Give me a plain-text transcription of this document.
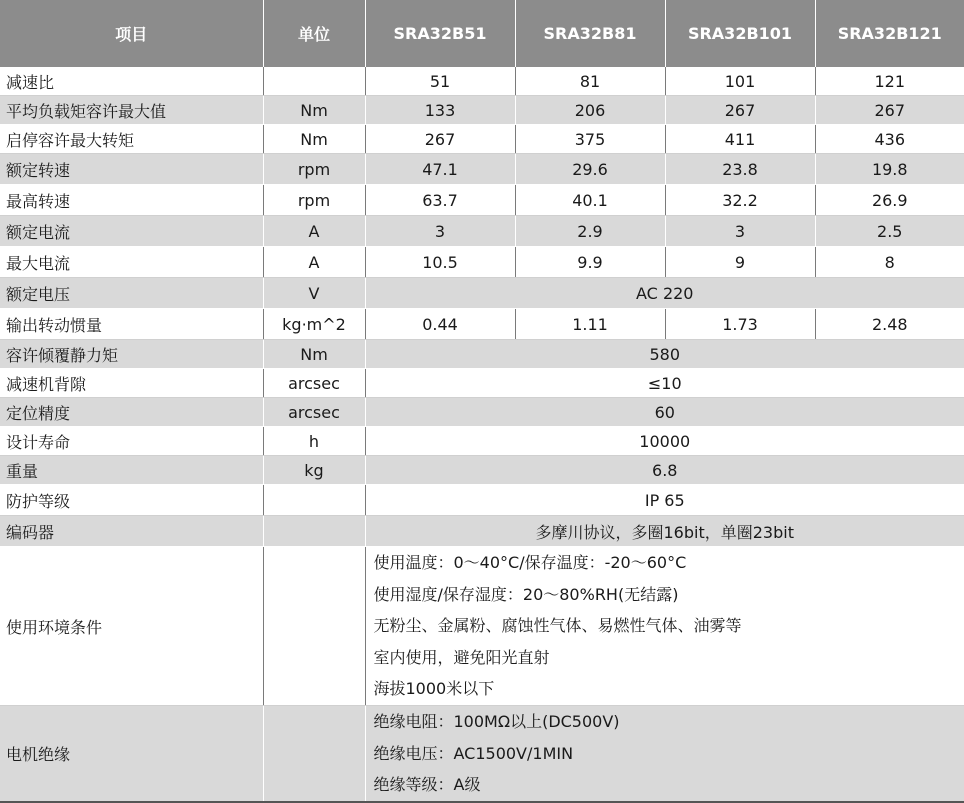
项目	单位	SRA32B51	SRA32B81	SRA32B101	SRA32B121
减速比		51	81	101	121
平均负载矩容许最大值	Nm	133	206	267	267
启停容许最大转矩	Nm	267	375	411	436
额定转速	rpm	47.1	29.6	23.8	19.8
最高转速	rpm	63.7	40.1	32.2	26.9
额定电流	A	3	2.9	3	2.5
最大电流	A	10.5	9.9	9	8
额定电压	V	AC 220			
输出转动惯量	kg·m^2	0.44	1.11	1.73	2.48
容许倾覆静力矩	Nm	580			
减速机背隙	arcsec	≤10			
定位精度	arcsec	60			
设计寿命	h	10000			
重量	kg	6.8			
防护等级		IP 65			
编码器		多摩川协议，多圈16bit，单圈23bit			
使用环境条件		使用温度：0～40°C/保存温度：-20～60°C
使用湿度/保存湿度：20～80%RH(无结露)
无粉尘、金属粉、腐蚀性气体、易燃性气体、油雾等
室内使用，避免阳光直射
海拔1000米以下			

电机绝缘		绝缘电阻：100MΩ以上(DC500V)
绝缘电压：AC1500V/1MIN
绝缘等级：A级			
